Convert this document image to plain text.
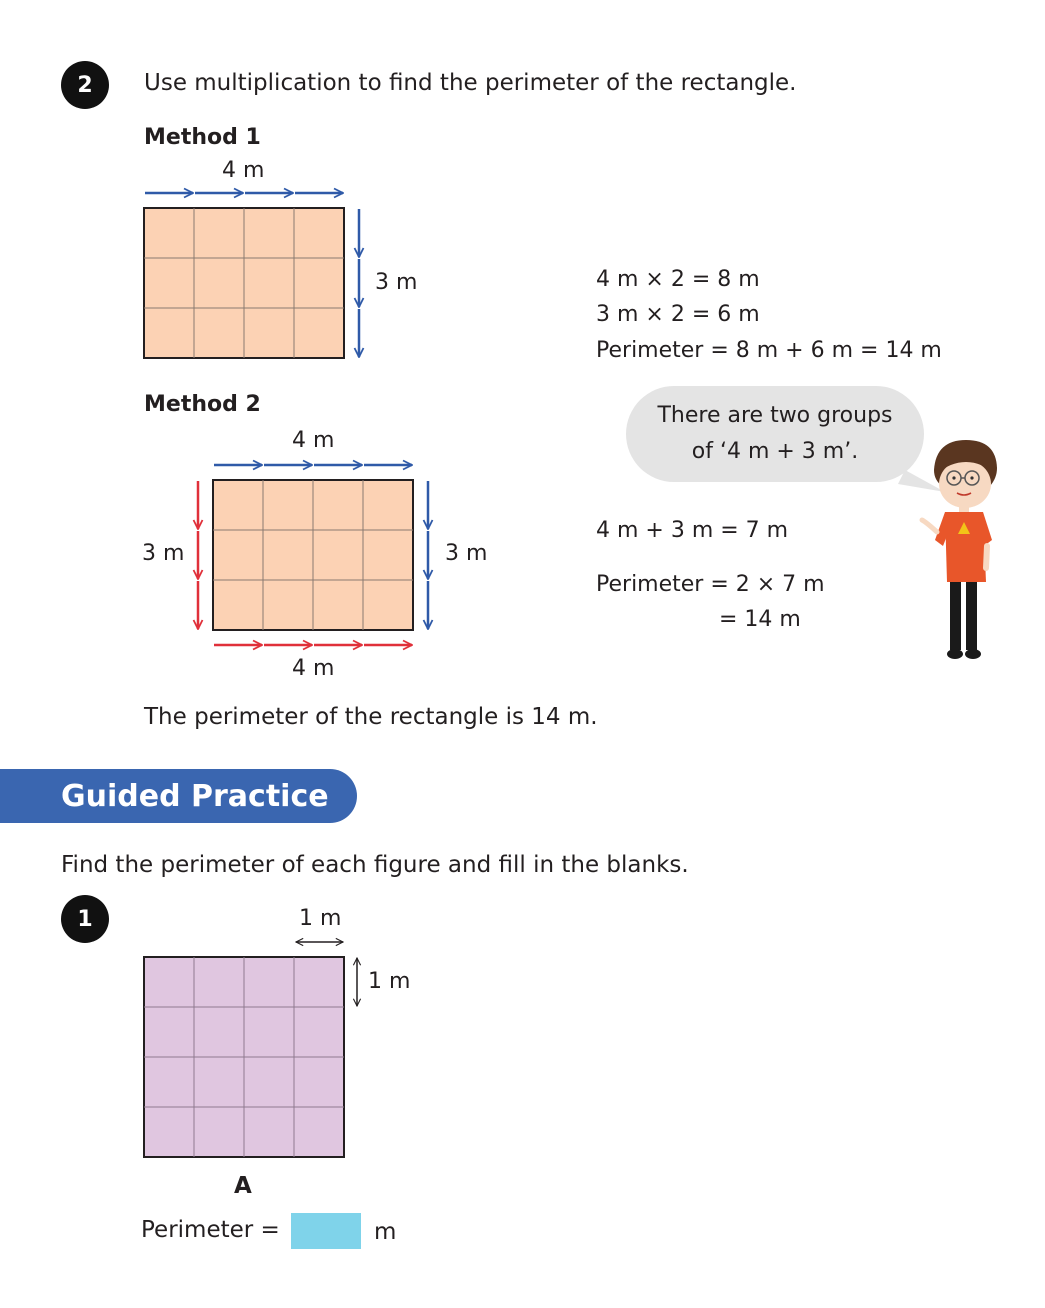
2	Use multiplication to find the perimeter of the rectangle.
Method 1
4 m
3 m	4 m × 2 = 8 m
3 m × 2 = 6 m
Perimeter = 8 m + 6 m = 14 m
Method 2
4 m
3 m	3 m
4 m
There are two groups
of ‘4 m + 3 m’.
4 m + 3 m = 7 m
Perimeter = 2 × 7 m
= 14 m
The perimeter of the rectangle is 14 m.
Guided Practice
Find the perimeter of each figure and fill in the blanks.
1	1 m
1 m
A
Perimeter =	m
